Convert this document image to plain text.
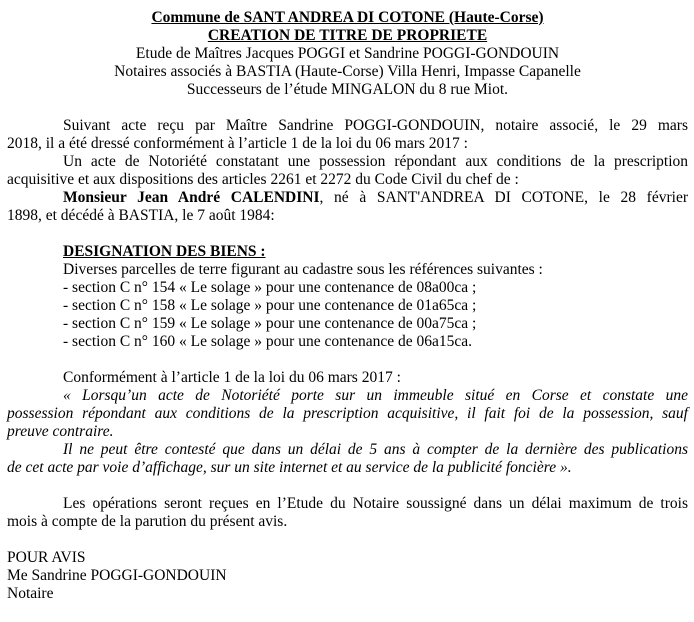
Commune de SANT ANDREA DI COTONE (Haute-Corse)
CREATION DE TITRE DE PROPRIETE
Etude de Maîtres Jacques POGGI et Sandrine POGGI-GONDOUIN
Notaires associés à BASTIA (Haute-Corse) Villa Henri, Impasse Capanelle
Successeurs de l’étude MINGALON du 8 rue Miot.
Suivant acte reçu par Maître Sandrine POGGI-GONDOUIN, notaire associé, le 29 mars
2018, il a été dressé conformément à l’article 1 de la loi du 06 mars 2017 :
Un acte de Notoriété constatant une possession répondant aux conditions de la prescription
acquisitive et aux dispositions des articles 2261 et 2272 du Code Civil du chef de :
Monsieur Jean André CALENDINI, né à SANT'ANDREA DI COTONE, le 28 février
1898, et décédé à BASTIA, le 7 août 1984:
DESIGNATION DES BIENS :
Diverses parcelles de terre figurant au cadastre sous les références suivantes :
- section C n° 154 « Le solage » pour une contenance de 08a00ca ;
- section C n° 158 « Le solage » pour une contenance de 01a65ca ;
- section C n° 159 « Le solage » pour une contenance de 00a75ca ;
- section C n° 160 « Le solage » pour une contenance de 06a15ca.
Conformément à l’article 1 de la loi du 06 mars 2017 :
« Lorsqu’un acte de Notoriété porte sur un immeuble situé en Corse et constate une
possession répondant aux conditions de la prescription acquisitive, il fait foi de la possession, sauf
preuve contraire.
Il ne peut être contesté que dans un délai de 5 ans à compter de la dernière des publications
de cet acte par voie d’affichage, sur un site internet et au service de la publicité foncière ».
Les opérations seront reçues en l’Etude du Notaire soussigné dans un délai maximum de trois
mois à compte de la parution du présent avis.
POUR AVIS
Me Sandrine POGGI-GONDOUIN
Notaire
